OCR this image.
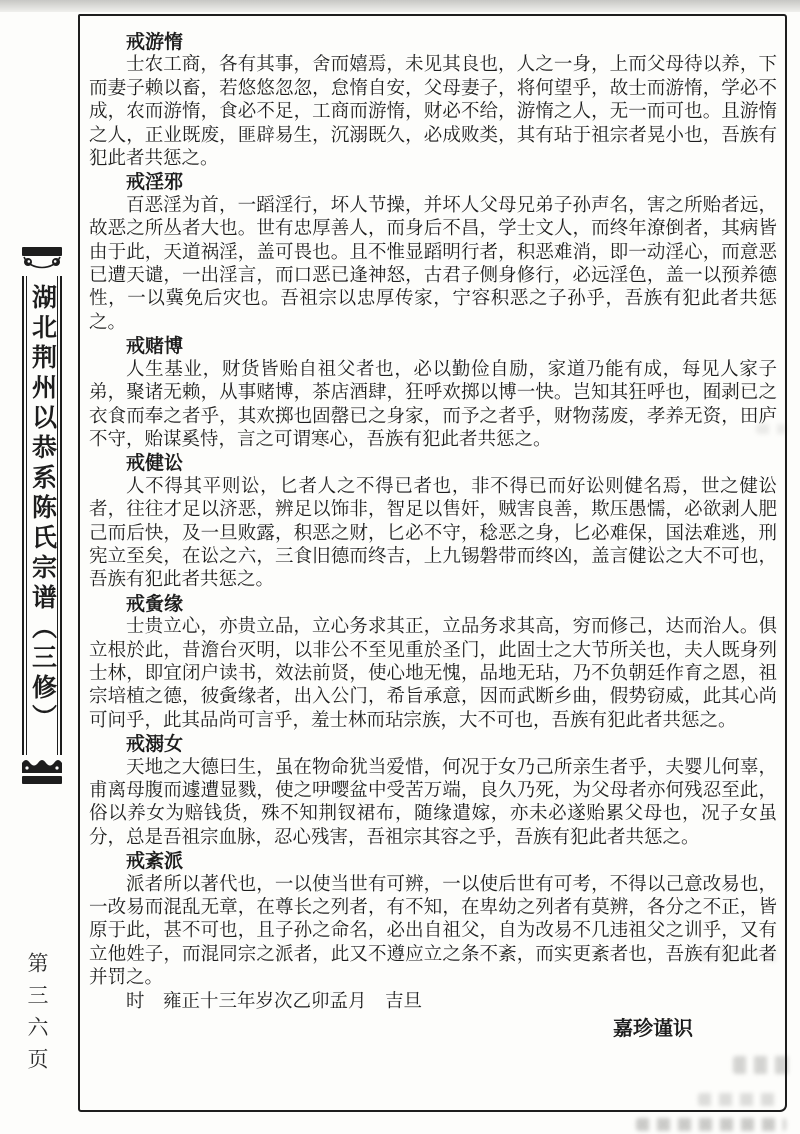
湖北荆州以恭系陈氏宗谱（三修）
第三六页

戒游惰

士农工商，各有其事，舍而嬉焉，未见其良也，人之一身，上而父母待以养，下而妻子赖以畜，若悠悠忽忽，怠惰自安，父母妻子，将何望乎，故士而游惰，学必不成，农而游惰，食必不足，工商而游惰，财必不给，游惰之人，无一而可也。且游惰之人，正业既废，匪辟易生，沉溺既久，必成败类，其有玷于祖宗者晃小也，吾族有犯此者共惩之。

戒淫邪

百恶淫为首，一蹈淫行，坏人节操，并坏人父母兄弟子孙声名，害之所贻者远，故恶之所丛者大也。世有忠厚善人，而身后不昌，学士文人，而终年潦倒者，其病皆由于此，天道祸淫，盖可畏也。且不惟显蹈明行者，积恶难消，即一动淫心，而意恶已遭天谴，一出淫言，而口恶已逢神怒，古君子侧身修行，必远淫色，盖一以预养德性，一以冀免后灾也。吾祖宗以忠厚传家，宁容积恶之子孙乎，吾族有犯此者共惩之。

戒赌博

人生基业，财货皆贻自祖父者也，必以勤俭自励，家道乃能有成，每见人家子弟，聚诸无赖，从事赌博，茶店酒肆，狂呼欢掷以博一快。岂知其狂呼也，囿剥已之衣食而奉之者乎，其欢掷也固罄已之身家，而予之者乎，财物荡废，孝养无资，田庐不守，贻谋奚恃，言之可谓寒心，吾族有犯此者共惩之。

戒健讼

人不得其平则讼，匕者人之不得已者也，非不得已而好讼则健名焉，世之健讼者，往往才足以济恶，辨足以饰非，智足以售奸，贼害良善，欺压愚懦，必欲剥人肥己而后快，及一旦败露，积恶之财，匕必不守，稔恶之身，匕必难保，国法难逃，刑宪立至矣，在讼之六，三食旧德而终吉，上九锡磐带而终凶，盖言健讼之大不可也，吾族有犯此者共惩之。

戒夤缘

士贵立心，亦贵立品，立心务求其正，立品务求其高，穷而修己，达而治人。俱立根於此，昔澹台灭明，以非公不至见重於圣门，此固士之大节所关也，夫人既身列士林，即宜闭户读书，效法前贤，使心地无愧，品地无玷，乃不负朝廷作育之恩，祖宗培植之德，彼夤缘者，出入公门，希旨承意，因而武断乡曲，假势窃威，此其心尚可问乎，此其品尚可言乎，羞士林而玷宗族，大不可也，吾族有犯此者共惩之。

戒溺女

天地之大德曰生，虽在物命犹当爱惜，何况于女乃己所亲生者乎，夫婴儿何辜，甫离母腹而遽遭显戮，使之吚嘤盆中受苦万端，良久乃死，为父母者亦何残忍至此，俗以养女为赔钱货，殊不知荆钗裙布，随缘遣嫁，亦未必遂贻累父母也，况子女虽分，总是吾祖宗血脉，忍心残害，吾祖宗其容之乎，吾族有犯此者共惩之。

戒紊派

派者所以著代也，一以使当世有可辨，一以使后世有可考，不得以己意改易也，一改易而混乱无章，在尊长之列者，有不知，在卑幼之列者有莫辨，各分之不正，皆原于此，甚不可也，且子孙之命名，必出自祖父，自为改易不几违祖父之训乎，又有立他姓子，而混同宗之派者，此又不遵应立之条不紊，而实更紊者也，吾族有犯此者并罚之。

时　雍正十三年岁次乙卯孟月　吉旦

嘉珍谨识
